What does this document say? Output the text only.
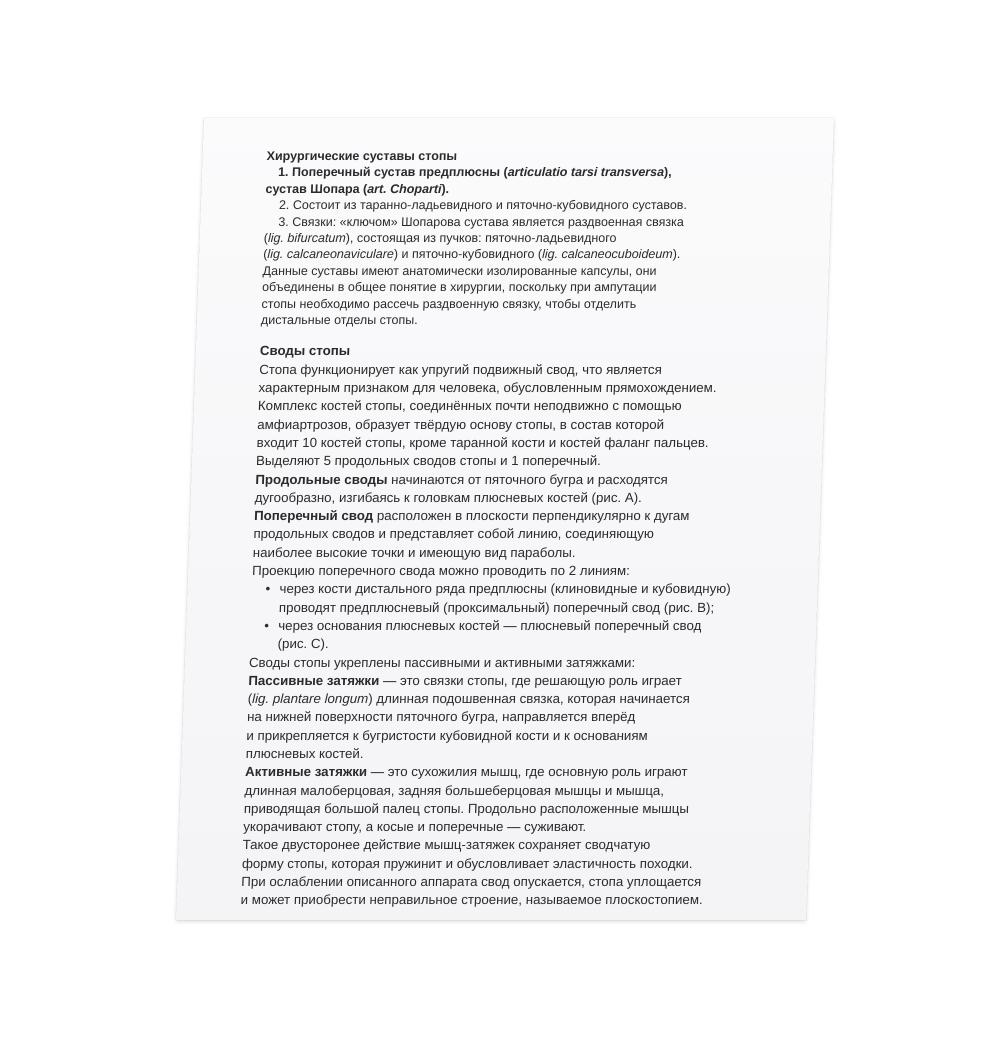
Хирургические суставы стопы
1. Поперечный сустав предплюсны (articulatio tarsi transversa),
сустав Шопара (art. Choparti).
2. Состоит из таранно-ладьевидного и пяточно-кубовидного суставов.
3. Связки: «ключом» Шопарова сустава является раздвоенная связка
(lig. bifurcatum), состоящая из пучков: пяточно-ладьевидного
(lig. calcaneonaviculare) и пяточно-кубовидного (lig. calcaneocuboideum).
Данные суставы имеют анатомически изолированные капсулы, они
объединены в общее понятие в хирургии, поскольку при ампутации
стопы необходимо рассечь раздвоенную связку, чтобы отделить
дистальные отделы стопы.
Своды стопы
Стопа функционирует как упругий подвижный свод, что является
характерным признаком для человека, обусловленным прямохождением.
Комплекс костей стопы, соединённых почти неподвижно с помощью
амфиартрозов, образует твёрдую основу стопы, в состав которой
входит 10 костей стопы, кроме таранной кости и костей фаланг пальцев.
Выделяют 5 продольных сводов стопы и 1 поперечный.
Продольные своды начинаются от пяточного бугра и расходятся
дугообразно, изгибаясь к головкам плюсневых костей (рис. А).
Поперечный свод расположен в плоскости перпендикулярно к дугам
продольных сводов и представляет собой линию, соединяющую
наиболее высокие точки и имеющую вид параболы.
Проекцию поперечного свода можно проводить по 2 линиям:
• через кости дистального ряда предплюсны (клиновидные и кубовидную)
проводят предплюсневый (проксимальный) поперечный свод (рис. В);
• через основания плюсневых костей — плюсневый поперечный свод
(рис. С).
Своды стопы укреплены пассивными и активными затяжками:
Пассивные затяжки — это связки стопы, где решающую роль играет
(lig. plantare longum) длинная подошвенная связка, которая начинается
на нижней поверхности пяточного бугра, направляется вперёд
и прикрепляется к бугристости кубовидной кости и к основаниям
плюсневых костей.
Активные затяжки — это сухожилия мышц, где основную роль играют
длинная малоберцовая, задняя большеберцовая мышцы и мышца,
приводящая большой палец стопы. Продольно расположенные мышцы
укорачивают стопу, а косые и поперечные — суживают.
Такое двусторонее действие мышц-затяжек сохраняет сводчатую
форму стопы, которая пружинит и обусловливает эластичность походки.
При ослаблении описанного аппарата свод опускается, стопа уплощается
и может приобрести неправильное строение, называемое плоскостопием.
